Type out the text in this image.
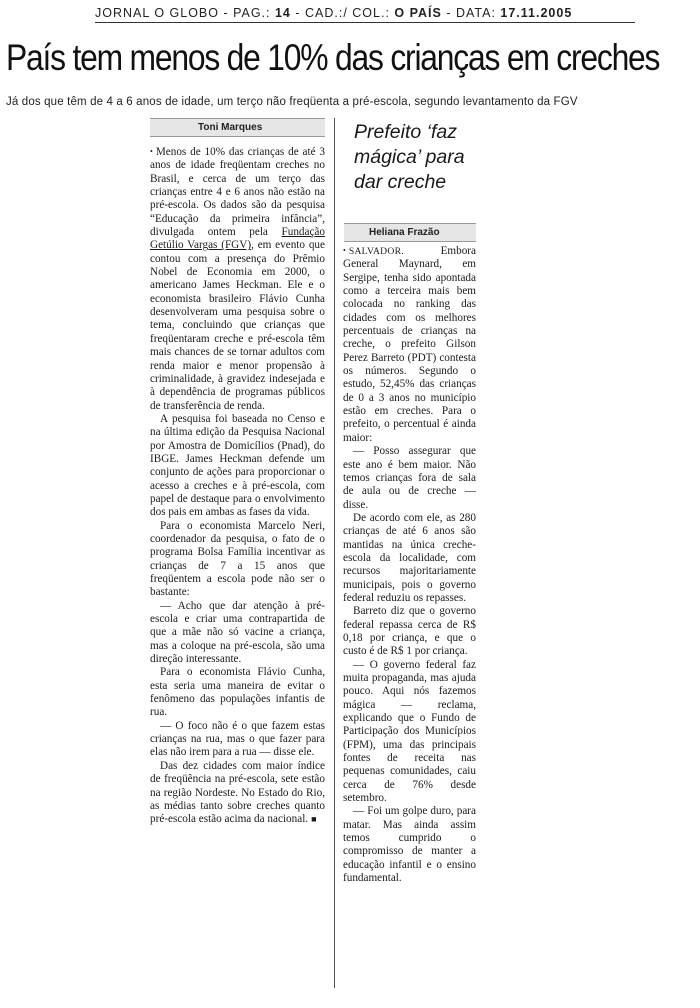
JORNAL O GLOBO - PAG.: 14 - CAD.:/ COL.: O PAÍS - DATA: 17.11.2005
País tem menos de 10% das crianças em creches
Já dos que têm de 4 a 6 anos de idade, um terço não freqüenta a pré-escola, segundo levantamento da FGV
Toni Marques

• Menos de 10% das crianças de até 3 anos de idade freqüentam creches no Brasil, e cerca de um terço das crianças entre 4 e 6 anos não estão na pré-escola. Os dados são da pesquisa “Educação da primeira infância”, divulgada ontem pela Fundação Getúlio Vargas (FGV), em evento que contou com a presença do Prêmio Nobel de Economia em 2000, o americano James Heckman. Ele e o economista brasileiro Flávio Cunha desenvolveram uma pesquisa sobre o tema, concluindo que crianças que freqüentaram creche e pré-escola têm mais chances de se tornar adultos com renda maior e menor propensão à criminalidade, à gravidez indesejada e à dependência de programas públicos de transferência de renda.

A pesquisa foi baseada no Censo e na última edição da Pesquisa Nacional por Amostra de Domicílios (Pnad), do IBGE. James Heckman defende um conjunto de ações para proporcionar o acesso a creches e à pré-escola, com papel de destaque para o envolvimento dos pais em ambas as fases da vida.

Para o economista Marcelo Neri, coordenador da pesquisa, o fato de o programa Bolsa Família incentivar as crianças de 7 a 15 anos que freqüentem a escola pode não ser o bastante:

— Acho que dar atenção à pré-escola e criar uma contrapartida de que a mãe não só vacine a criança, mas a coloque na pré-escola, são uma direção interessante.

Para o economista Flávio Cunha, esta seria uma maneira de evitar o fenômeno das populações infantis de rua.

— O foco não é o que fazem estas crianças na rua, mas o que fazer para elas não irem para a rua — disse ele.

Das dez cidades com maior índice de freqüência na pré-escola, sete estão na região Nordeste. No Estado do Rio, as médias tanto sobre creches quanto pré-escola estão acima da nacional. ■

Prefeito ‘faz mágica’ para dar creche
Heliana Frazão

• SALVADOR. Embora General Maynard, em Sergipe, tenha sido apontada como a terceira mais bem colocada no ranking das cidades com os melhores percentuais de crianças na creche, o prefeito Gilson Perez Barreto (PDT) contesta os números. Segundo o estudo, 52,45% das crianças de 0 a 3 anos no município estão em creches. Para o prefeito, o percentual é ainda maior:

— Posso assegurar que este ano é bem maior. Não temos crianças fora de sala de aula ou de creche — disse.

De acordo com ele, as 280 crianças de até 6 anos são mantidas na única creche-escola da localidade, com recursos majoritariamente municipais, pois o governo federal reduziu os repasses.

Barreto diz que o governo federal repassa cerca de R$ 0,18 por criança, e que o custo é de R$ 1 por criança.

— O governo federal faz muita propaganda, mas ajuda pouco. Aqui nós fazemos mágica — reclama, explicando que o Fundo de Participação dos Municípios (FPM), uma das principais fontes de receita nas pequenas comunidades, caiu cerca de 76% desde setembro.

— Foi um golpe duro, para matar. Mas ainda assim temos cumprido o compromisso de manter a educação infantil e o ensino fundamental.
